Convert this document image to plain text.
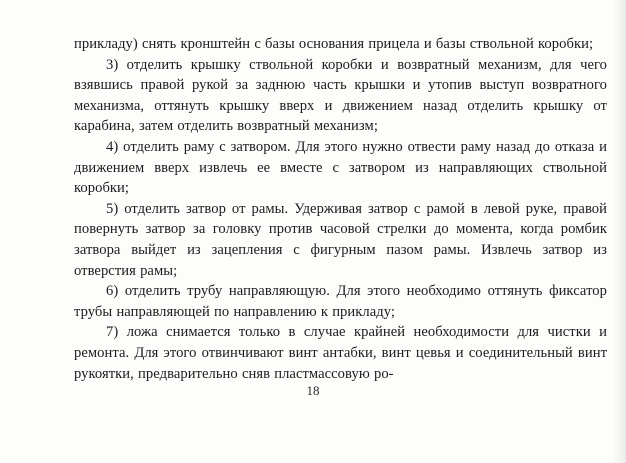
прикладу) снять кронштейн с базы основания прицела и базы ствольной коробки;

3) отделить крышку ствольной коробки и возвратный механизм, для чего взявшись правой рукой за заднюю часть крышки и утопив выступ возвратного механизма, оттянуть крышку вверх и движением назад отделить крышку от карабина, затем отделить возвратный механизм;

4) отделить раму с затвором. Для этого нужно отвести раму назад до отказа и движением вверх извлечь ее вместе с затвором из направляющих ствольной коробки;

5) отделить затвор от рамы. Удерживая затвор с рамой в левой руке, правой повернуть затвор за головку против часовой стрелки до момента, когда ромбик затвора выйдет из зацепления с фигурным пазом рамы. Извлечь затвор из отверстия рамы;

6) отделить трубу направляющую. Для этого необходимо оттянуть фиксатор трубы направляющей по направлению к прикладу;

7) ложа снимается только в случае крайней необходимости для чистки и ремонта. Для этого отвинчивают винт антабки, винт цевья и соединительный винт рукоятки, предварительно сняв пластмассовую ро-

18
